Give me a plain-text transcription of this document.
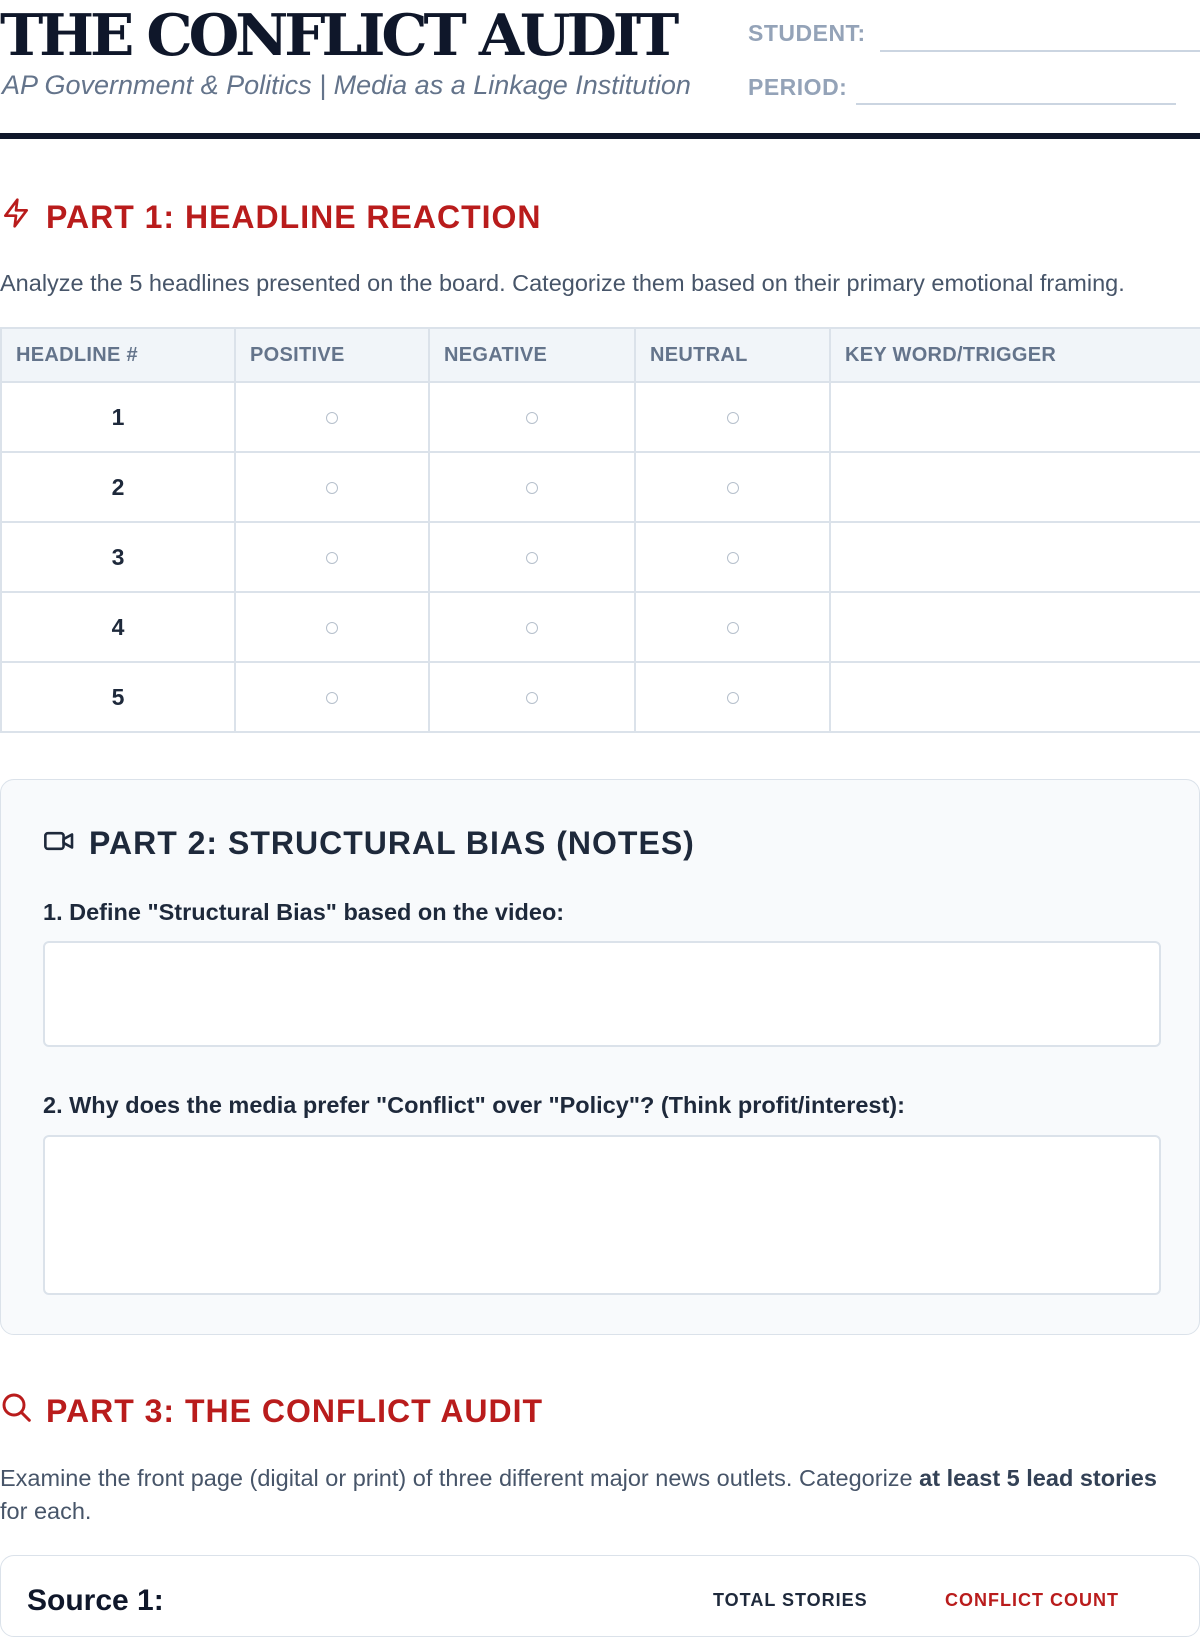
THE CONFLICT AUDIT
AP Government & Politics | Media as a Linkage Institution
STUDENT:
PERIOD:
PART 1: HEADLINE REACTION
Analyze the 5 headlines presented on the board. Categorize them based on their primary emotional framing.
HEADLINE #	POSITIVE	NEGATIVE	NEUTRAL	KEY WORD/TRIGGER
1				
2				
3				
4				
5				
PART 2: STRUCTURAL BIAS (NOTES)
1. Define "Structural Bias" based on the video:
2. Why does the media prefer "Conflict" over "Policy"? (Think profit/interest):
PART 3: THE CONFLICT AUDIT
Examine the front page (digital or print) of three different major news outlets. Categorize at least 5 lead stories for each.
Source 1:	TOTAL STORIES	CONFLICT COUNT
